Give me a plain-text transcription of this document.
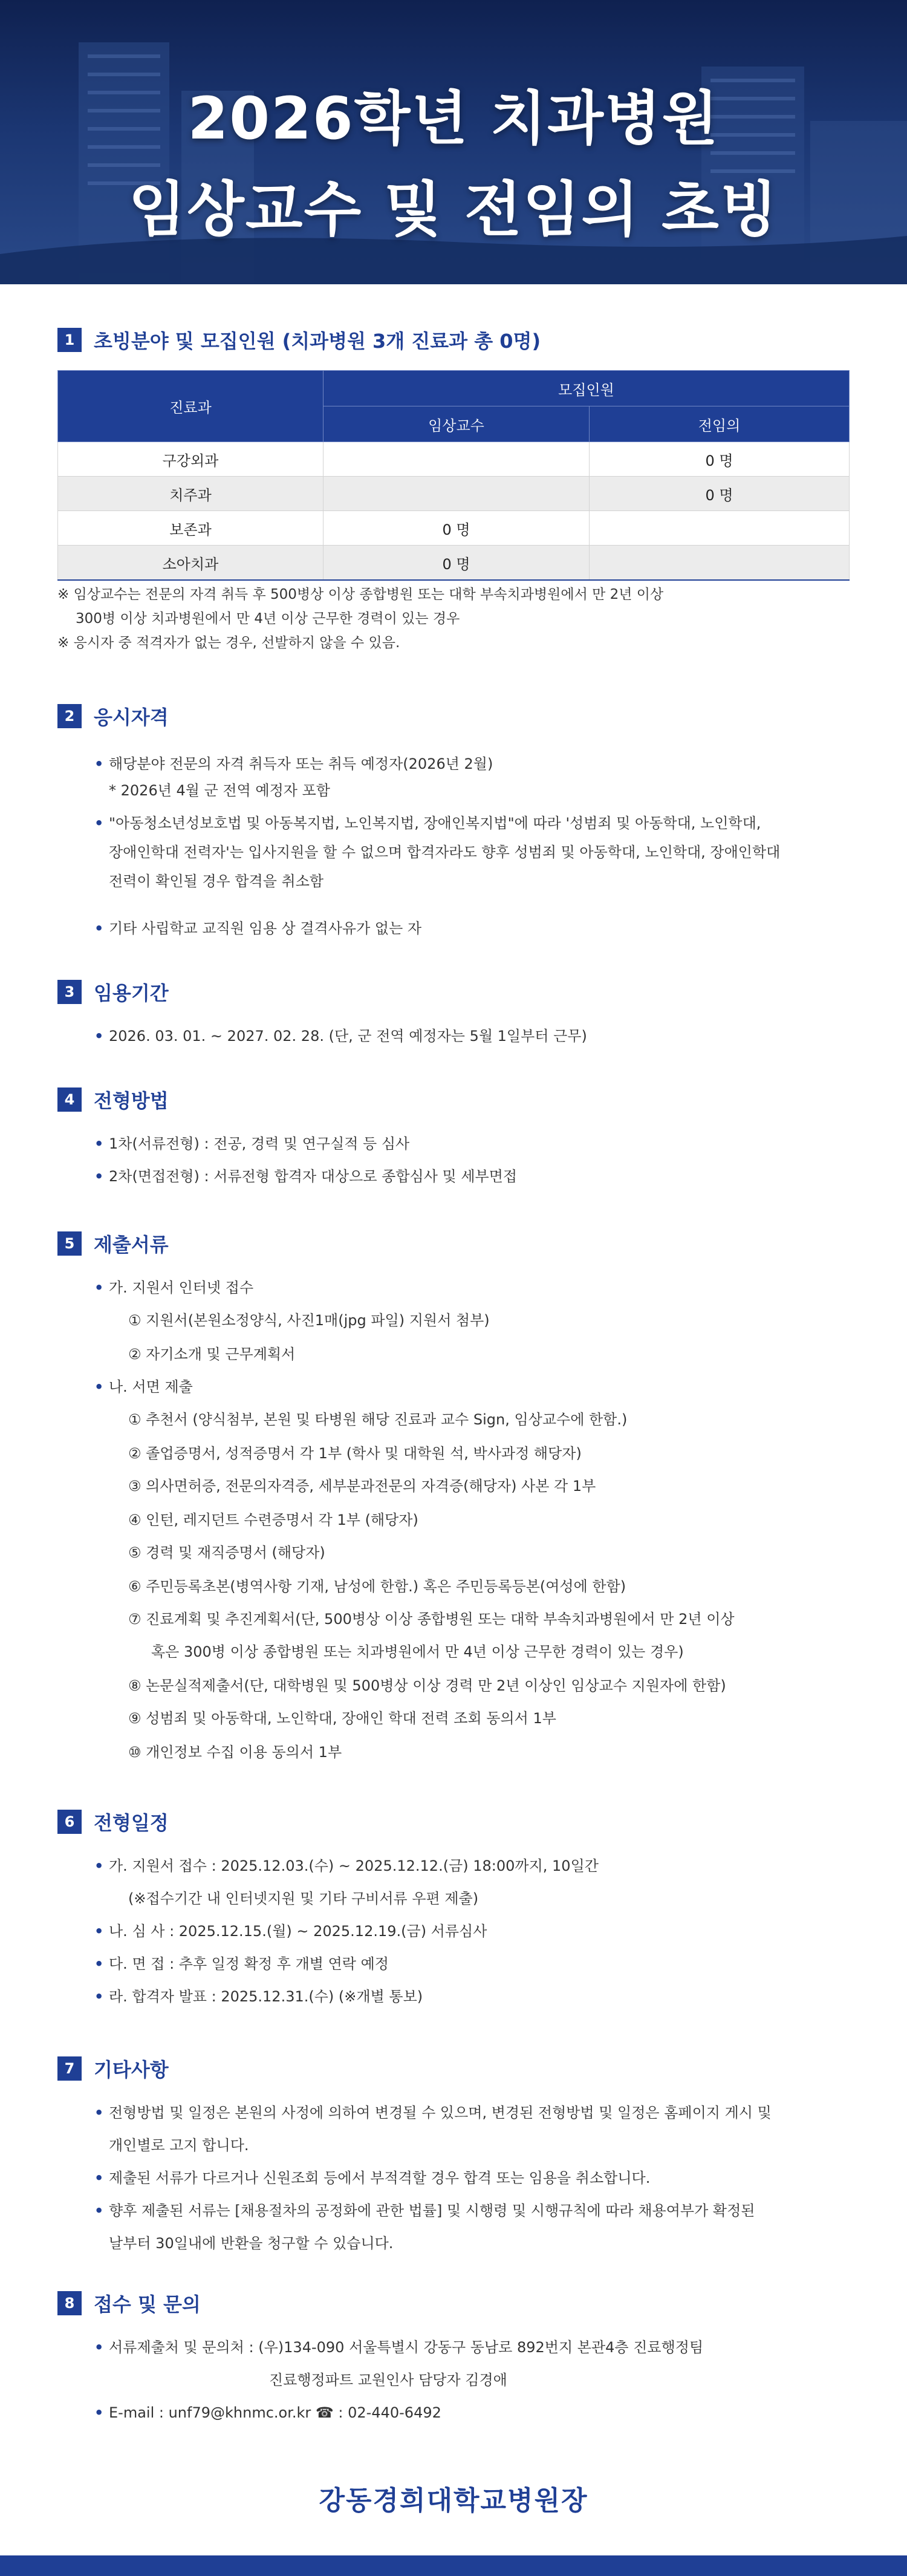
2026학년 치과병원
임상교수 및 전임의 초빙
1 초빙분야 및 모집인원 (치과병원 3개 진료과 총 0명)
진료과	모집인원	
	임상교수	전임의
구강외과		0 명
치주과		0 명
보존과	0 명	
소아치과	0 명	
※ 임상교수는 전문의 자격 취득 후 500병상 이상 종합병원 또는 대학 부속치과병원에서 만 2년 이상
300병 이상 치과병원에서 만 4년 이상 근무한 경력이 있는 경우
※ 응시자 중 적격자가 없는 경우, 선발하지 않을 수 있음.
2 응시자격
• 해당분야 전문의 자격 취득자 또는 취득 예정자(2026년 2월)
* 2026년 4월 군 전역 예정자 포함
• "아동청소년성보호법 및 아동복지법, 노인복지법, 장애인복지법"에 따라 '성범죄 및 아동학대, 노인학대,
장애인학대 전력자'는 입사지원을 할 수 없으며 합격자라도 향후 성범죄 및 아동학대, 노인학대, 장애인학대
전력이 확인될 경우 합격을 취소함
• 기타 사립학교 교직원 임용 상 결격사유가 없는 자
3 임용기간
• 2026. 03. 01. ~ 2027. 02. 28. (단, 군 전역 예정자는 5월 1일부터 근무)
4 전형방법
• 1차(서류전형) : 전공, 경력 및 연구실적 등 심사
• 2차(면접전형) : 서류전형 합격자 대상으로 종합심사 및 세부면접
5 제출서류
• 가. 지원서 인터넷 접수
① 지원서(본원소정양식, 사진1매(jpg 파일) 지원서 첨부)
② 자기소개 및 근무계획서
• 나. 서면 제출
① 추천서 (양식첨부, 본원 및 타병원 해당 진료과 교수 Sign, 임상교수에 한함.)
② 졸업증명서, 성적증명서 각 1부 (학사 및 대학원 석, 박사과정 해당자)
③ 의사면허증, 전문의자격증, 세부분과전문의 자격증(해당자) 사본 각 1부
④ 인턴, 레지던트 수련증명서 각 1부 (해당자)
⑤ 경력 및 재직증명서 (해당자)
⑥ 주민등록초본(병역사항 기재, 남성에 한함.) 혹은 주민등록등본(여성에 한함)
⑦ 진료계획 및 추진계획서(단, 500병상 이상 종합병원 또는 대학 부속치과병원에서 만 2년 이상
혹은 300병 이상 종합병원 또는 치과병원에서 만 4년 이상 근무한 경력이 있는 경우)
⑧ 논문실적제출서(단, 대학병원 및 500병상 이상 경력 만 2년 이상인 임상교수 지원자에 한함)
⑨ 성범죄 및 아동학대, 노인학대, 장애인 학대 전력 조회 동의서 1부
⑩ 개인정보 수집 이용 동의서 1부
6 전형일정
• 가. 지원서 접수 : 2025.12.03.(수) ~ 2025.12.12.(금) 18:00까지, 10일간
(※접수기간 내 인터넷지원 및 기타 구비서류 우편 제출)
• 나. 심 사 : 2025.12.15.(월) ~ 2025.12.19.(금) 서류심사
• 다. 면 접 : 추후 일정 확정 후 개별 연락 예정
• 라. 합격자 발표 : 2025.12.31.(수) (※개별 통보)
7 기타사항
• 전형방법 및 일정은 본원의 사정에 의하여 변경될 수 있으며, 변경된 전형방법 및 일정은 홈페이지 게시 및
개인별로 고지 합니다.
• 제출된 서류가 다르거나 신원조회 등에서 부적격할 경우 합격 또는 임용을 취소합니다.
• 향후 제출된 서류는 [채용절차의 공정화에 관한 법률] 및 시행령 및 시행규칙에 따라 채용여부가 확정된
날부터 30일내에 반환을 청구할 수 있습니다.
8 접수 및 문의
• 서류제출처 및 문의처 : (우)134-090 서울특별시 강동구 동남로 892번지 본관4층 진료행정팀
진료행정파트 교원인사 담당자 김경애
• E-mail : unf79@khnmc.or.kr ☎ : 02-440-6492
강동경희대학교병원장
